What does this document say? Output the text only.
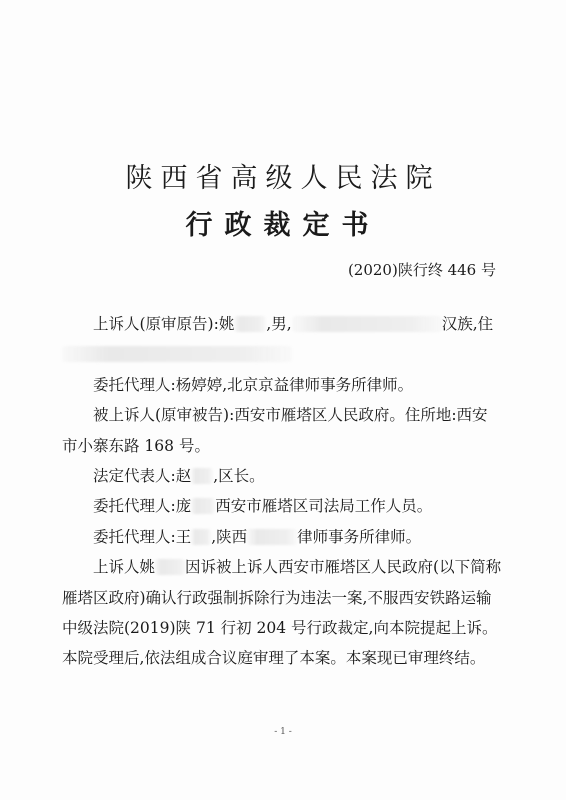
陕西省高级人民法院
行政裁定书
(2020)陕行终 446 号

上诉人(原审原告):姚 ,男,	汉族,住

委托代理人:杨婷婷,北京京益律师事务所律师。

被上诉人(原审被告):西安市雁塔区人民政府。住所地:西安市小寨东路 168 号。

法定代表人:赵 ,区长。

委托代理人:庞 西安市雁塔区司法局工作人员。

委托代理人:王 ,陕西	律师事务所律师。

上诉人姚 因诉被上诉人西安市雁塔区人民政府(以下简称雁塔区政府)确认行政强制拆除行为违法一案,不服西安铁路运输中级法院(2019)陕 71 行初 204 号行政裁定,向本院提起上诉。本院受理后,依法组成合议庭审理了本案。本案现已审理终结。

- 1 -
